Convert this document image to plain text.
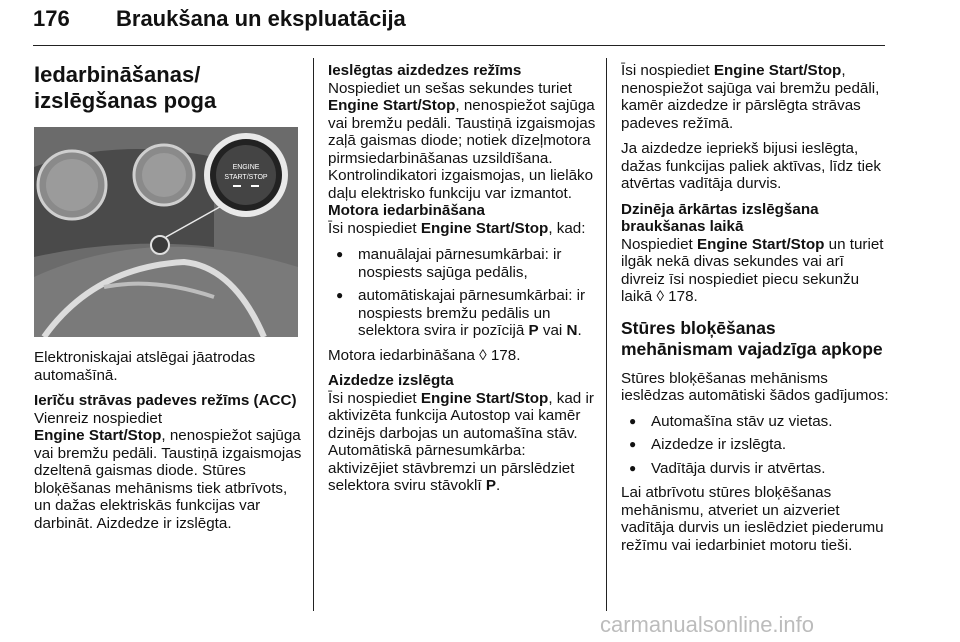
176 Braukšana un ekspluatācija
Iedarbināšanas/
izslēgšanas poga
ENGINE
START/STOP

Elektroniskajai atslēgai jāatrodas automašīnā.

Ierīču strāvas padeves režīms (ACC)

Vienreiz nospiediet
Engine Start/Stop, nenospiežot sajūga vai bremžu pedāli. Taustiņā izgaismojas dzeltenā gaismas diode. Stūres bloķēšanas mehānisms tiek atbrīvots, un dažas elektriskās funkcijas var darbināt. Aizdedze ir izslēgta.

Ieslēgtas aizdedzes režīms

Nospiediet un sešas sekundes turiet
Engine Start/Stop, nenospiežot sajūga vai bremžu pedāli. Taustiņā izgaismojas zaļā gaismas diode; notiek dīzeļmotora pirmsiedarbināšanas uzsildīšana. Kontrolindikatori izgaismojas, un lielāko daļu elektrisko funkciju var izmantot.

Motora iedarbināšana

Īsi nospiediet Engine Start/Stop, kad:

● manuālajai pārnesumkārbai: ir nospiests sajūga pedālis,
● automātiskajai pārnesumkārbai: ir nospiests bremžu pedālis un selektora svira ir pozīcijā P vai N.

Motora iedarbināšana ◊ 178.

Aizdedze izslēgta

Īsi nospiediet Engine Start/Stop, kad ir aktivizēta funkcija Autostop vai kamēr dzinējs darbojas un automašīna stāv. Automātiskā pārnesumkārba: aktivizējiet stāvbremzi un pārslēdziet selektora sviru stāvoklī P.

Īsi nospiediet Engine Start/Stop, nenospiežot sajūga vai bremžu pedāli, kamēr aizdedze ir pārslēgta strāvas padeves režīmā.

Ja aizdedze iepriekš bijusi ieslēgta, dažas funkcijas paliek aktīvas, līdz tiek atvērtas vadītāja durvis.

Dzinēja ārkārtas izslēgšana braukšanas laikā

Nospiediet Engine Start/Stop un turiet ilgāk nekā divas sekundes vai arī divreiz īsi nospiediet piecu sekunžu laikā ◊ 178.

Stūres bloķēšanas mehānismam vajadzīga apkope

Stūres bloķēšanas mehānisms ieslēdzas automātiski šādos gadījumos:

● Automašīna stāv uz vietas.
● Aizdedze ir izslēgta.
● Vadītāja durvis ir atvērtas.

Lai atbrīvotu stūres bloķēšanas mehānismu, atveriet un aizveriet vadītāja durvis un ieslēdziet piederumu režīmu vai iedarbiniet motoru tieši.

carmanualsonline.info
